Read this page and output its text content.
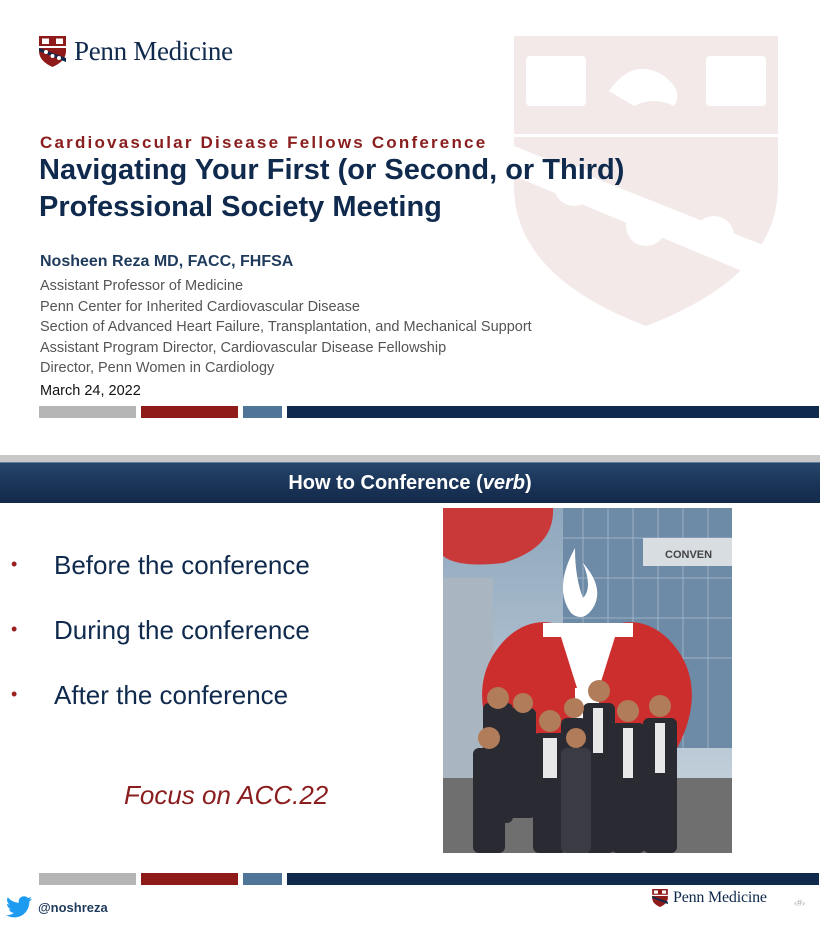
Penn Medicine
Cardiovascular Disease Fellows Conference
Navigating Your First (or Second, or Third)
Professional Society Meeting
Nosheen Reza MD, FACC, FHFSA
Assistant Professor of Medicine
Penn Center for Inherited Cardiovascular Disease
Section of Advanced Heart Failure, Transplantation, and Mechanical Support
Assistant Program Director, Cardiovascular Disease Fellowship
Director, Penn Women in Cardiology
March 24, 2022
How to Conference (verb)
• Before the conference
• During the conference
• After the conference
Focus on ACC.22
CONVEN
@noshreza
Penn Medicine	‹#›
